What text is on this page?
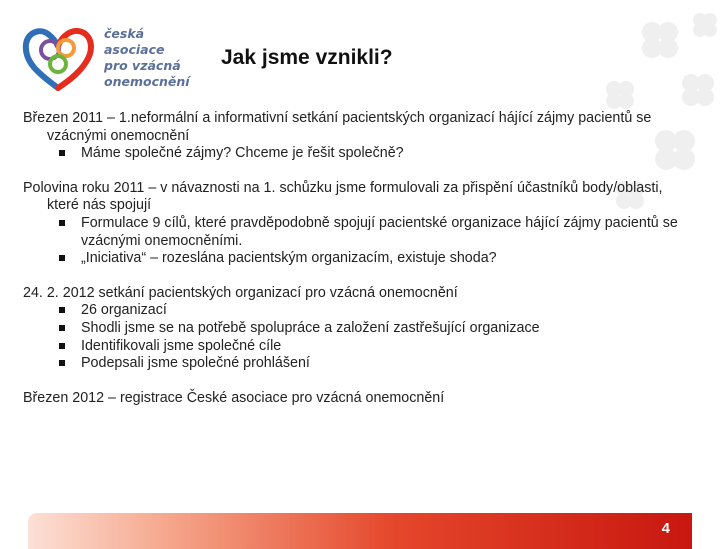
česká
asociace
pro vzácná
onemocnění
Jak jsme vznikli?

Březen 2011 – 1.neformální a informativní setkání pacientských organizací hájící zájmy pacientů se vzácnými onemocnění

Máme společné zájmy? Chceme je řešit společně?

Polovina roku 2011 – v návaznosti na 1. schůzku jsme formulovali za přispění účastníků body/oblasti, které nás spojují

Formulace 9 cílů, které pravděpodobně spojují pacientské organizace hájící zájmy pacientů se vzácnými onemocněními.
„Iniciativa“ – rozeslána pacientským organizacím, existuje shoda?

24. 2. 2012 setkání pacientských organizací pro vzácná onemocnění

26 organizací
Shodli jsme se na potřebě spolupráce a založení zastřešující organizace
Identifikovali jsme společné cíle
Podepsali jsme společné prohlášení

Březen 2012 – registrace České asociace pro vzácná onemocnění

4
